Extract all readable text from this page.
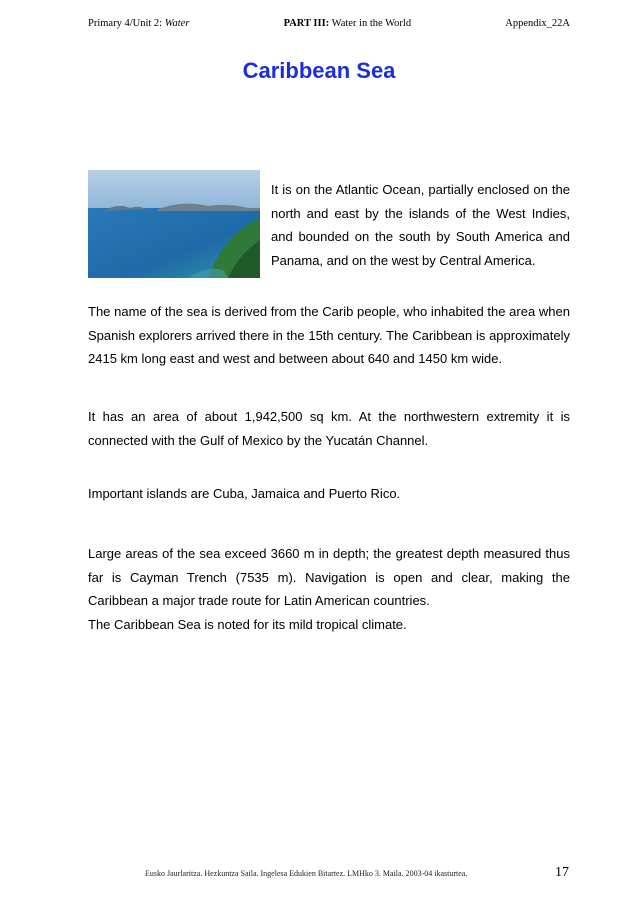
Primary 4/Unit 2: Water	PART III: Water in the World	Appendix_22A
Caribbean Sea

It is on the Atlantic Ocean, partially enclosed on the north and east by the islands of the West Indies, and bounded on the south by South America and Panama, and on the west by Central America.

The name of the sea is derived from the Carib people, who inhabited the area when Spanish explorers arrived there in the 15th century. The Caribbean is approximately 2415 km long east and west and between about 640 and 1450 km wide.

It has an area of about 1,942,500 sq km. At the northwestern extremity it is connected with the Gulf of Mexico by the Yucatán Channel.

Important islands are Cuba, Jamaica and Puerto Rico.

Large areas of the sea exceed 3660 m in depth; the greatest depth measured thus far is Cayman Trench (7535 m). Navigation is open and clear, making the Caribbean a major trade route for Latin American countries.

The Caribbean Sea is noted for its mild tropical climate.

Eusko Jaurlaritza. Hezkuntza Saila. Ingelesa Edukien Bitartez. LMHko 3. Maila. 2003-04 ikasturtea.	17
